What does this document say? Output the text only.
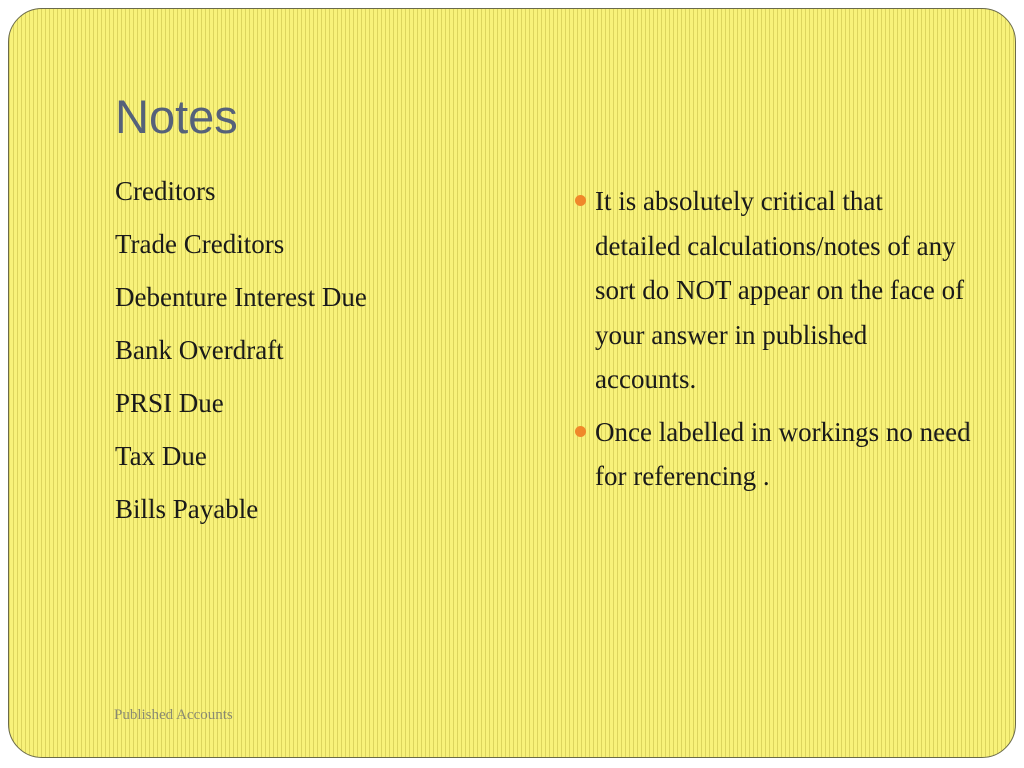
Notes
Creditors
Trade Creditors
Debenture Interest Due
Bank Overdraft
PRSI Due
Tax Due
Bills Payable
It is absolutely critical that detailed calculations/notes of any sort do NOT appear on the face of your answer in published accounts.
Once labelled in workings no need for referencing .
Published Accounts
